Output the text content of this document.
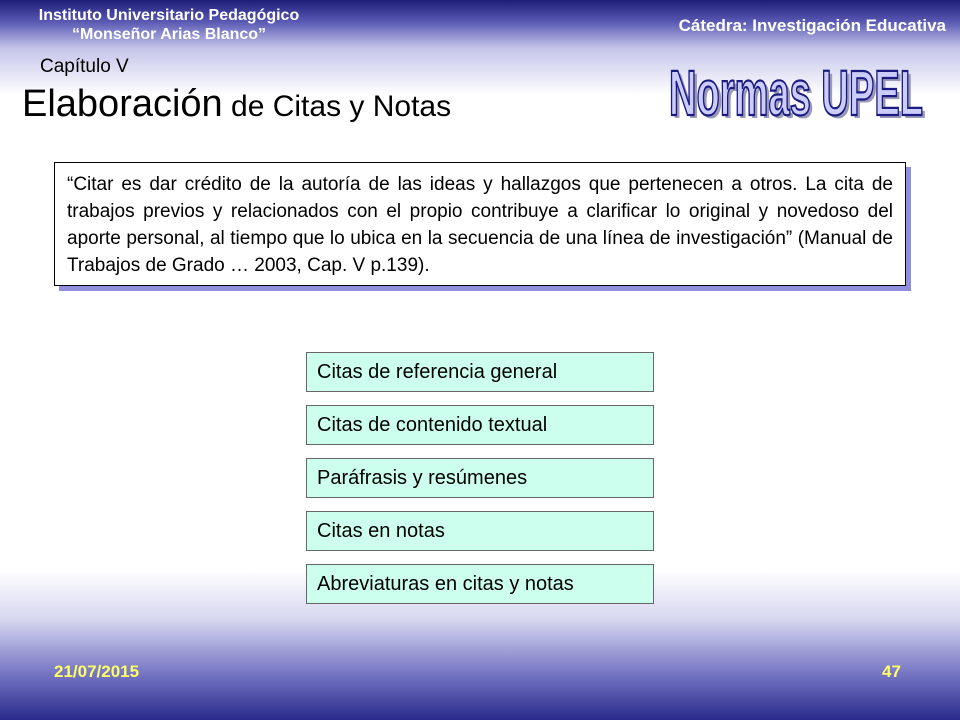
Instituto Universitario Pedagógico
“Monseñor Arias Blanco”	Cátedra: Investigación Educativa
Capítulo V
Elaboración de Citas y Notas	Normas UPEL
Normas UPEL
“Citar es dar crédito de la autoría de las ideas y hallazgos que pertenecen a otros. La cita de trabajos previos y relacionados con el propio contribuye a clarificar lo original y novedoso del aporte personal, al tiempo que lo ubica en la secuencia de una línea de investigación” (Manual de Trabajos de Grado … 2003, Cap. V p.139).
Citas de referencia general
Citas de contenido textual
Paráfrasis y resúmenes
Citas en notas
Abreviaturas en citas y notas
21/07/2015	47
